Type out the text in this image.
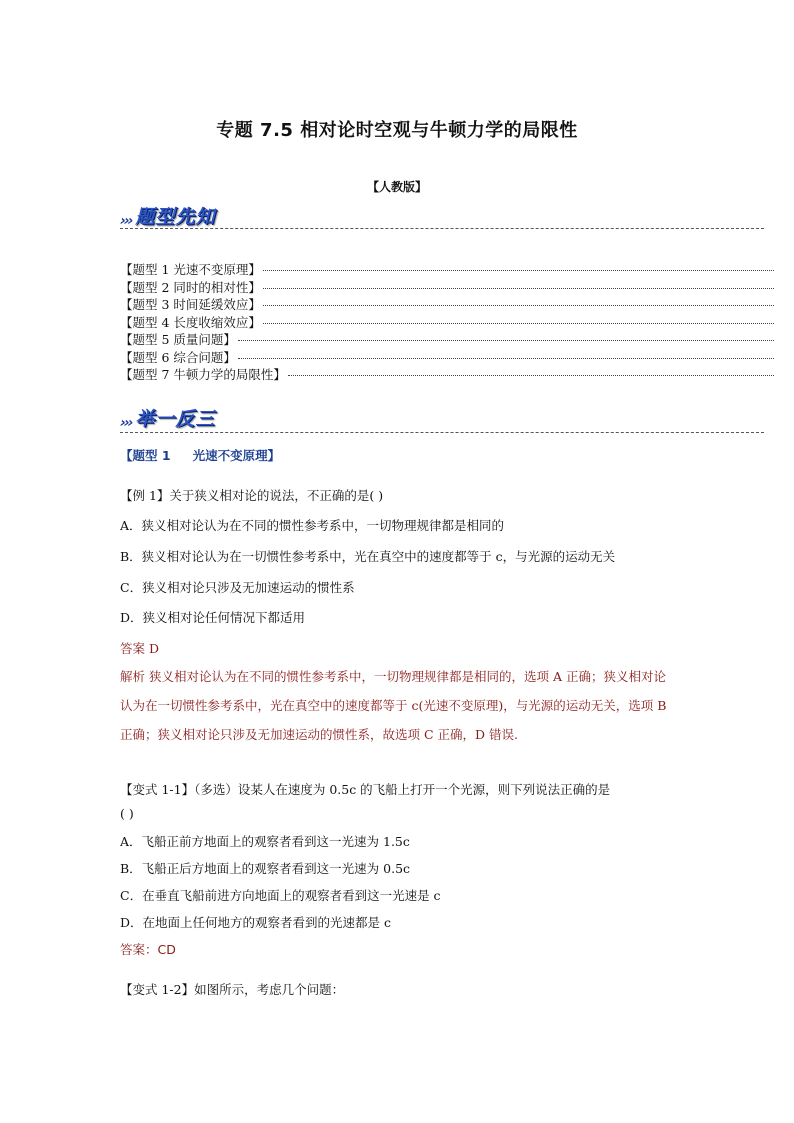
专题 7.5 相对论时空观与牛顿力学的局限性
【人教版】
››› 题型先知
【题型 1 光速不变原理】
【题型 2 同时的相对性】
【题型 3 时间延缓效应】
【题型 4 长度收缩效应】
【题型 5 质量问题】
【题型 6 综合问题】
【题型 7 牛顿力学的局限性】
››› 举一反三
【题型 1 光速不变原理】
【例 1】关于狭义相对论的说法，不正确的是( )
A．狭义相对论认为在不同的惯性参考系中，一切物理规律都是相同的
B．狭义相对论认为在一切惯性参考系中，光在真空中的速度都等于 c，与光源的运动无关
C．狭义相对论只涉及无加速运动的惯性系
D．狭义相对论任何情况下都适用
答案 D
解析 狭义相对论认为在不同的惯性参考系中，一切物理规律都是相同的，选项 A 正确；狭义相对论认为在一切惯性参考系中，光在真空中的速度都等于 c(光速不变原理)，与光源的运动无关，选项 B 正确；狭义相对论只涉及无加速运动的惯性系，故选项 C 正确，D 错误.
【变式 1-1】（多选）设某人在速度为 0.5c 的飞船上打开一个光源，则下列说法正确的是
( )
A．飞船正前方地面上的观察者看到这一光速为 1.5c
B．飞船正后方地面上的观察者看到这一光速为 0.5c
C．在垂直飞船前进方向地面上的观察者看到这一光速是 c
D．在地面上任何地方的观察者看到的光速都是 c
答案：CD
【变式 1-2】如图所示，考虑几个问题：
